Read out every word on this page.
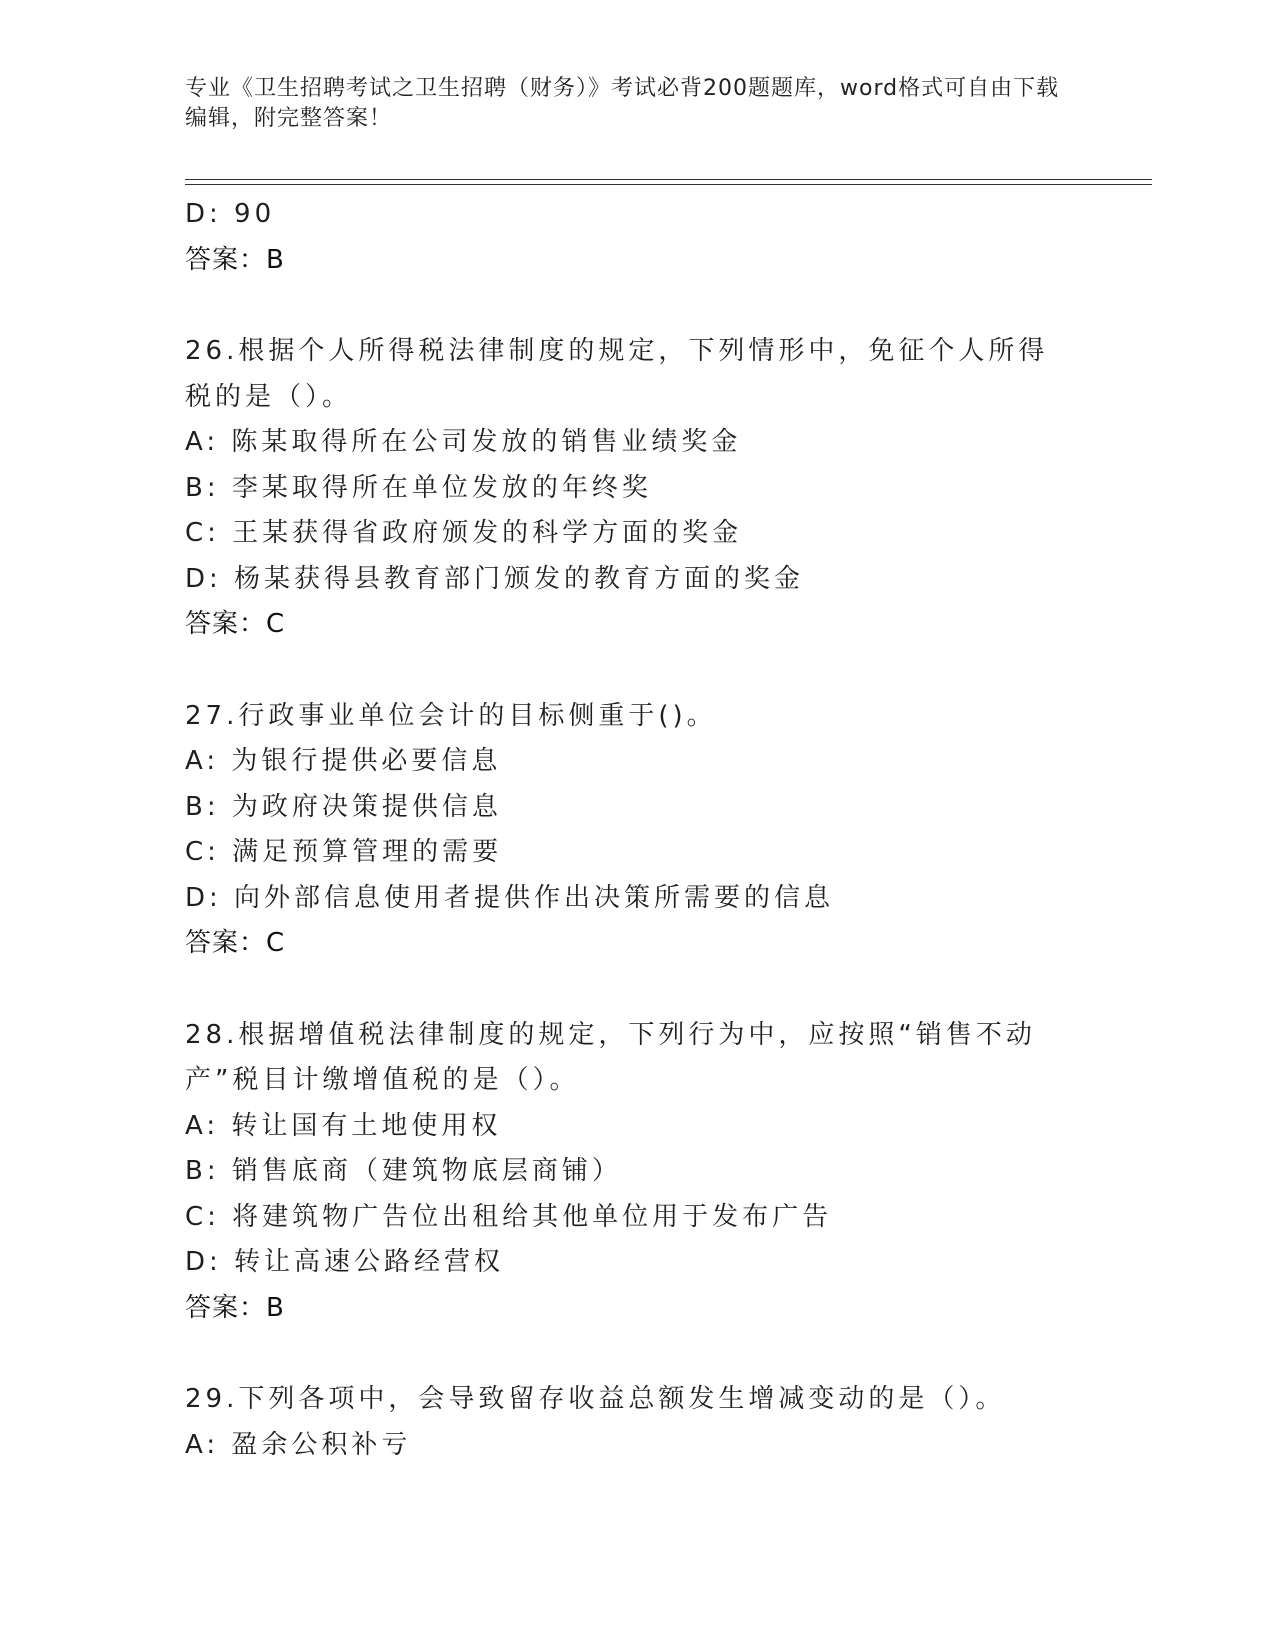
专业《卫生招聘考试之卫生招聘（财务）》考试必背200题题库，word格式可自由下载编辑，附完整答案！
D: 90
答案：B
26.根据个人所得税法律制度的规定，下列情形中，免征个人所得税的是（）。
A: 陈某取得所在公司发放的销售业绩奖金
B: 李某取得所在单位发放的年终奖
C: 王某获得省政府颁发的科学方面的奖金
D: 杨某获得县教育部门颁发的教育方面的奖金
答案：C
27.行政事业单位会计的目标侧重于()。
A: 为银行提供必要信息
B: 为政府决策提供信息
C: 满足预算管理的需要
D: 向外部信息使用者提供作出决策所需要的信息
答案：C
28.根据增值税法律制度的规定，下列行为中，应按照“销售不动产”税目计缴增值税的是（）。
A: 转让国有土地使用权
B: 销售底商（建筑物底层商铺）
C: 将建筑物广告位出租给其他单位用于发布广告
D: 转让高速公路经营权
答案：B
29.下列各项中，会导致留存收益总额发生增减变动的是（）。
A: 盈余公积补亏
